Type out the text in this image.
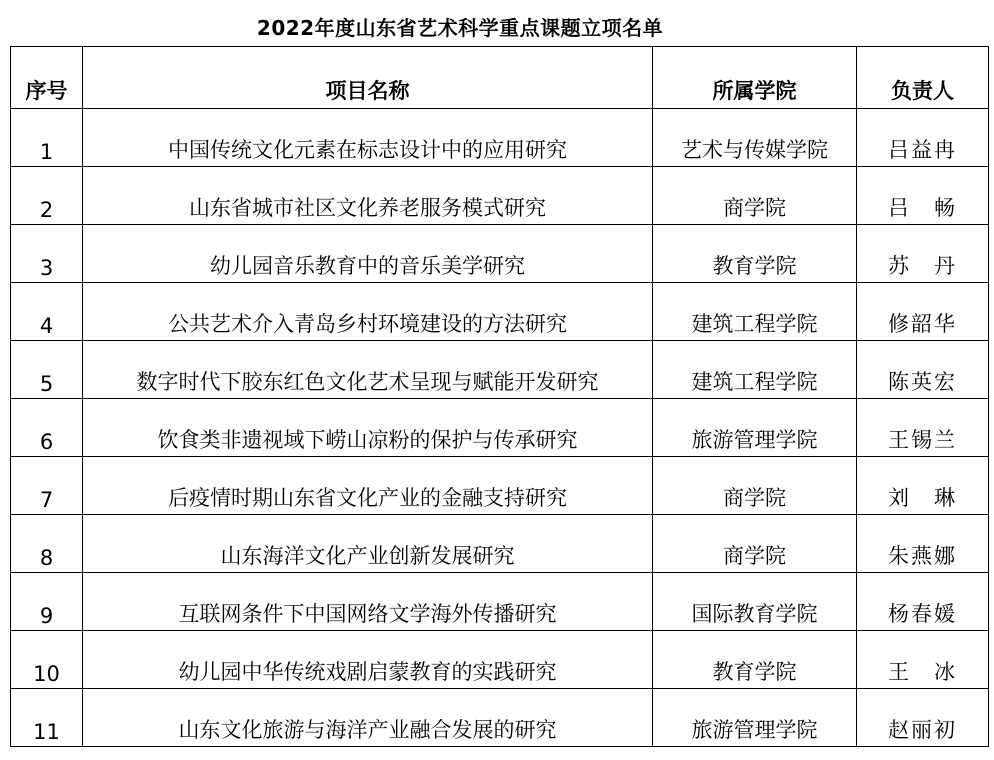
2022年度山东省艺术科学重点课题立项名单
序号	项目名称	所属学院	负责人
1	中国传统文化元素在标志设计中的应用研究	艺术与传媒学院	吕益冉
2	山东省城市社区文化养老服务模式研究	商学院	吕　畅
3	幼儿园音乐教育中的音乐美学研究	教育学院	苏　丹
4	公共艺术介入青岛乡村环境建设的方法研究	建筑工程学院	修韶华
5	数字时代下胶东红色文化艺术呈现与赋能开发研究	建筑工程学院	陈英宏
6	饮食类非遗视域下崂山凉粉的保护与传承研究	旅游管理学院	王锡兰
7	后疫情时期山东省文化产业的金融支持研究	商学院	刘　琳
8	山东海洋文化产业创新发展研究	商学院	朱燕娜
9	互联网条件下中国网络文学海外传播研究	国际教育学院	杨春媛
10	幼儿园中华传统戏剧启蒙教育的实践研究	教育学院	王　冰
11	山东文化旅游与海洋产业融合发展的研究	旅游管理学院	赵丽初
